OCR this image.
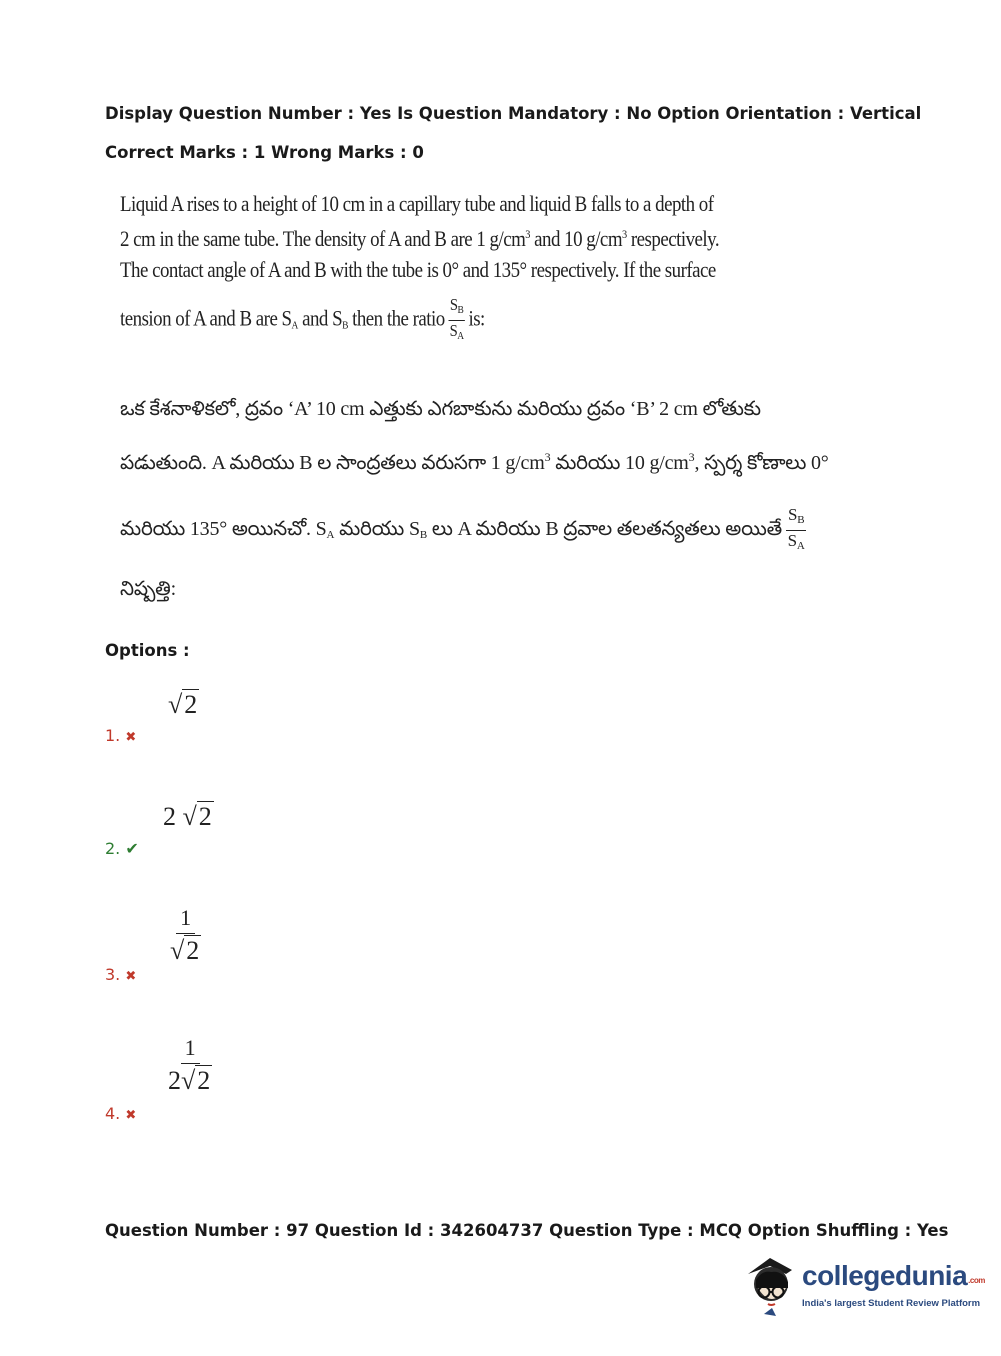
Display Question Number : Yes Is Question Mandatory : No Option Orientation : Vertical
Correct Marks : 1 Wrong Marks : 0
Liquid A rises to a height of 10 cm in a capillary tube and liquid B falls to a depth of
2 cm in the same tube. The density of A and B are 1 $g/cm^3$ and 10 $g/cm^3$ respectively.
The contact angle of A and B with the tube is 0° and 135° respectively. If the surface
tension of A and B are $S_A$ and $S_B$ then the ratio $\frac{S_B}{S_A}$ is:
ఒక కేశనాళికలో, ద్రవం ‘A’ 10 cm ఎత్తుకు ఎగబాకును మరియు ద్రవం ‘B’ 2 cm లోతుకు
పడుతుంది. A మరియు B ల సాంద్రతలు వరుసగా 1 $g/cm^3$ మరియు 10 $g/cm^3$, స్పర్శ కోణాలు 0°
మరియు 135° అయినచో. $S_A$ మరియు $S_B$ లు A మరియు B ద్రవాల తలతన్యతలు అయితే $\frac{S_B}{S_A}$
నిష్పత్తి:
Options :
√2
1. ✖
2 √2
2. ✔
$\frac{1}{√2}$
3. ✖
$\frac{1}{2√2}$
4. ✖
Question Number : 97 Question Id : 342604737 Question Type : MCQ Option Shuffling : Yes
collegedunia.com
India's largest Student Review Platform
